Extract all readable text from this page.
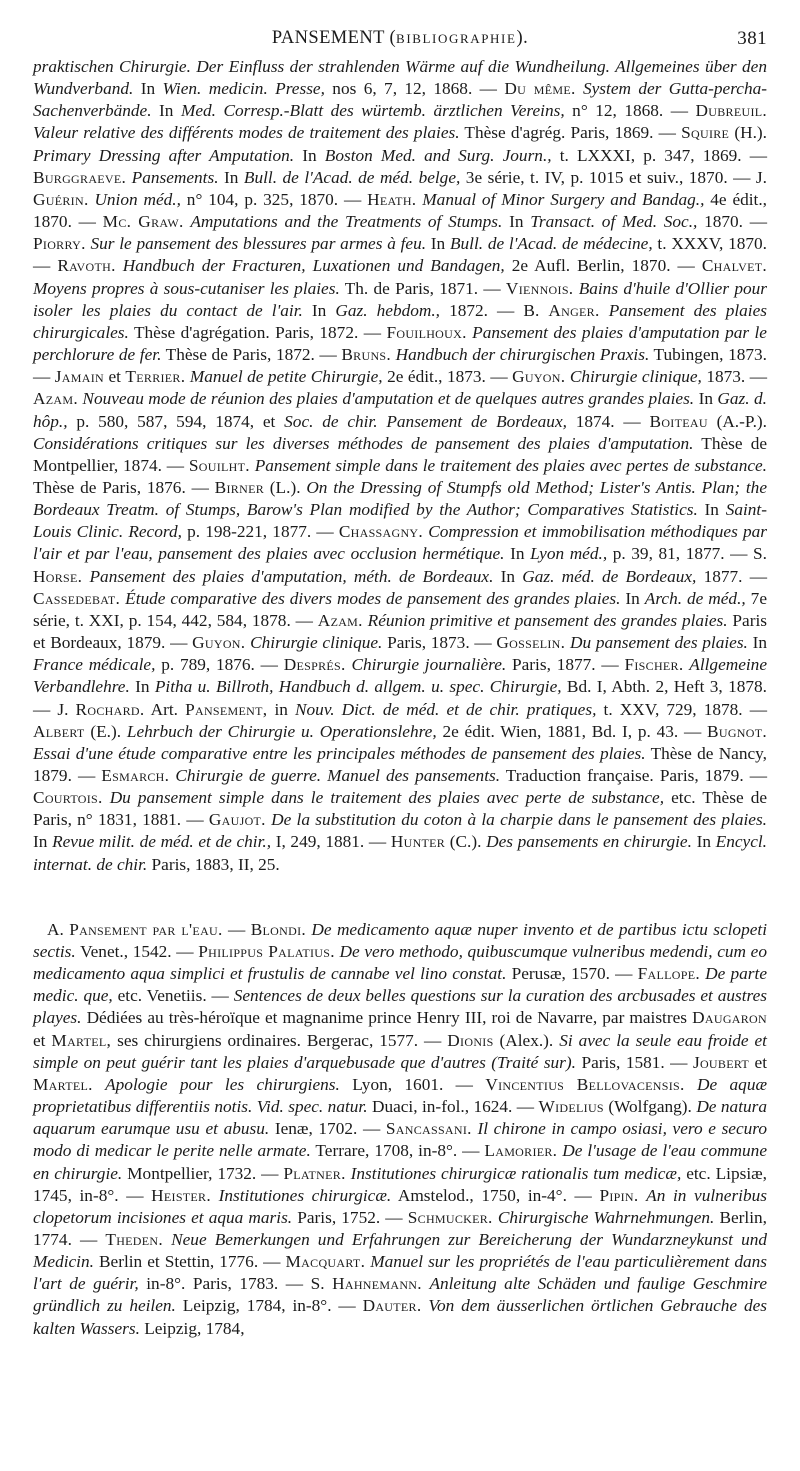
PANSEMENT (BIBLIOGRAPHIE).	381

praktischen Chirurgie. Der Einfluss der strahlenden Wärme auf die Wundheilung. Allgemeines über den Wundverband. In Wien. medicin. Presse, nos 6, 7, 12, 1868. — Du même. System der Gutta-percha-Sachenverbände. In Med. Corresp.-Blatt des würtemb. ärztlichen Vereins, n° 12, 1868. — Dubreuil. Valeur relative des différents modes de traitement des plaies. Thèse d'agrég. Paris, 1869. — Squire (H.). Primary Dressing after Amputation. In Boston Med. and Surg. Journ., t. LXXXI, p. 347, 1869. — Burggraeve. Pansements. In Bull. de l'Acad. de méd. belge, 3e série, t. IV, p. 1015 et suiv., 1870. — J. Guérin. Union méd., n° 104, p. 325, 1870. — Heath. Manual of Minor Surgery and Bandag., 4e édit., 1870. — Mc. Graw. Amputations and the Treatments of Stumps. In Transact. of Med. Soc., 1870. — Piorry. Sur le pansement des blessures par armes à feu. In Bull. de l'Acad. de médecine, t. XXXV, 1870. — Ravoth. Handbuch der Fracturen, Luxationen und Bandagen, 2e Aufl. Berlin, 1870. — Chalvet. Moyens propres à sous-cutaniser les plaies. Th. de Paris, 1871. — Viennois. Bains d'huile d'Ollier pour isoler les plaies du contact de l'air. In Gaz. hebdom., 1872. — B. Anger. Pansement des plaies chirurgicales. Thèse d'agrégation. Paris, 1872. — Fouilhoux. Pansement des plaies d'amputation par le perchlorure de fer. Thèse de Paris, 1872. — Bruns. Handbuch der chirurgischen Praxis. Tubingen, 1873. — Jamain et Terrier. Manuel de petite Chirurgie, 2e édit., 1873. — Guyon. Chirurgie clinique, 1873. — Azam. Nouveau mode de réunion des plaies d'amputation et de quelques autres grandes plaies. In Gaz. d. hôp., p. 580, 587, 594, 1874, et Soc. de chir. Pansement de Bordeaux, 1874. — Boiteau (A.-P.). Considérations critiques sur les diverses méthodes de pansement des plaies d'amputation. Thèse de Montpellier, 1874. — Souilht. Pansement simple dans le traitement des plaies avec pertes de substance. Thèse de Paris, 1876. — Birner (L.). On the Dressing of Stumpfs old Method; Lister's Antis. Plan; the Bordeaux Treatm. of Stumps, Barow's Plan modified by the Author; Comparatives Statistics. In Saint-Louis Clinic. Record, p. 198-221, 1877. — Chassagny. Compression et immobilisation méthodiques par l'air et par l'eau, pansement des plaies avec occlusion hermétique. In Lyon méd., p. 39, 81, 1877. — S. Horse. Pansement des plaies d'amputation, méth. de Bordeaux. In Gaz. méd. de Bordeaux, 1877. — Cassedebat. Étude comparative des divers modes de pansement des grandes plaies. In Arch. de méd., 7e série, t. XXI, p. 154, 442, 584, 1878. — Azam. Réunion primitive et pansement des grandes plaies. Paris et Bordeaux, 1879. — Guyon. Chirurgie clinique. Paris, 1873. — Gosselin. Du pansement des plaies. In France médicale, p. 789, 1876. — Després. Chirurgie journalière. Paris, 1877. — Fischer. Allgemeine Verbandlehre. In Pitha u. Billroth, Handbuch d. allgem. u. spec. Chirurgie, Bd. I, Abth. 2, Heft 3, 1878. — J. Rochard. Art. Pansement, in Nouv. Dict. de méd. et de chir. pratiques, t. XXV, 729, 1878. — Albert (E.). Lehrbuch der Chirurgie u. Operationslehre, 2e édit. Wien, 1881, Bd. I, p. 43. — Bugnot. Essai d'une étude comparative entre les principales méthodes de pansement des plaies. Thèse de Nancy, 1879. — Esmarch. Chirurgie de guerre. Manuel des pansements. Traduction française. Paris, 1879. — Courtois. Du pansement simple dans le traitement des plaies avec perte de substance, etc. Thèse de Paris, n° 1831, 1881. — Gaujot. De la substitution du coton à la charpie dans le pansement des plaies. In Revue milit. de méd. et de chir., I, 249, 1881. — Hunter (C.). Des pansements en chirurgie. In Encycl. internat. de chir. Paris, 1883, II, 25.

A. Pansement par l'eau. — Blondi. De medicamento aquæ nuper invento et de partibus ictu sclopeti sectis. Venet., 1542. — Philippus Palatius. De vero methodo, quibuscumque vulneribus medendi, cum eo medicamento aqua simplici et frustulis de cannabe vel lino constat. Perusæ, 1570. — Fallope. De parte medic. que, etc. Venetiis. — Sentences de deux belles questions sur la curation des arcbusades et austres playes. Dédiées au très-héroïque et magnanime prince Henry III, roi de Navarre, par maistres Daugaron et Martel, ses chirurgiens ordinaires. Bergerac, 1577. — Dionis (Alex.). Si avec la seule eau froide et simple on peut guérir tant les plaies d'arquebusade que d'autres (Traité sur). Paris, 1581. — Joubert et Martel. Apologie pour les chirurgiens. Lyon, 1601. — Vincentius Bellovacensis. De aquæ proprietatibus differentiis notis. Vid. spec. natur. Duaci, in-fol., 1624. — Widelius (Wolfgang). De natura aquarum earumque usu et abusu. Ienæ, 1702. — Sancassani. Il chirone in campo osiasi, vero e securo modo di medicar le perite nelle armate. Terrare, 1708, in-8°. — Lamorier. De l'usage de l'eau commune en chirurgie. Montpellier, 1732. — Platner. Institutiones chirurgicæ rationalis tum medicæ, etc. Lipsiæ, 1745, in-8°. — Heister. Institutiones chirurgicæ. Amstelod., 1750, in-4°. — Pipin. An in vulneribus clopetorum incisiones et aqua maris. Paris, 1752. — Schmucker. Chirurgische Wahrnehmungen. Berlin, 1774. — Theden. Neue Bemerkungen und Erfahrungen zur Bereicherung der Wundarzneykunst und Medicin. Berlin et Stettin, 1776. — Macquart. Manuel sur les propriétés de l'eau particulièrement dans l'art de guérir, in-8°. Paris, 1783. — S. Hahnemann. Anleitung alte Schäden und faulige Geschmire gründlich zu heilen. Leipzig, 1784, in-8°. — Dauter. Von dem äusserlichen örtlichen Gebrauche des kalten Wassers. Leipzig, 1784,
